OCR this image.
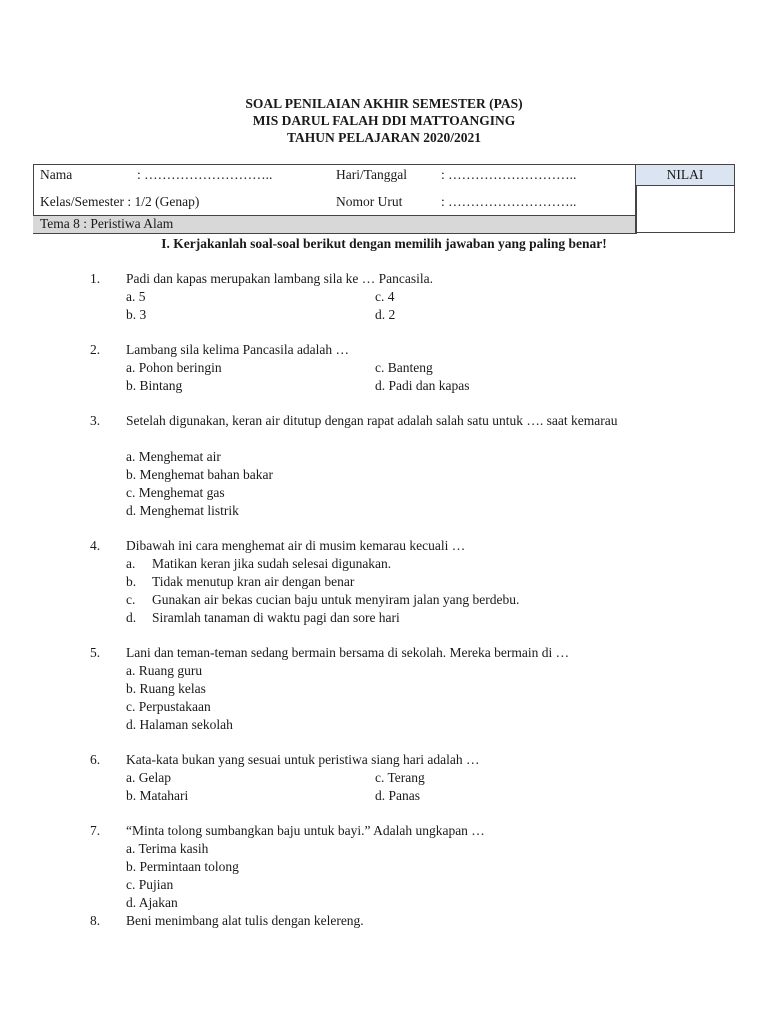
SOAL PENILAIAN AKHIR SEMESTER (PAS)
MIS DARUL FALAH DDI MATTOANGING
TAHUN PELAJARAN 2020/2021
Nama	: ………………………..	Hari/Tanggal	: ………………………..
Kelas/Semester : 1/2 (Genap)	Nomor Urut	: ………………………..
Tema 8 : Peristiwa Alam
NILAI
I. Kerjakanlah soal-soal berikut dengan memilih jawaban yang paling benar!
1. Padi dan kapas merupakan lambang sila ke … Pancasila.
a. 5
b. 3
c. 4
d. 2
2. Lambang sila kelima Pancasila adalah …
a. Pohon beringin
b. Bintang
c. Banteng
d. Padi dan kapas
3. Setelah digunakan, keran air ditutup dengan rapat adalah salah satu untuk …. saat kemarau
a. Menghemat air
b. Menghemat bahan bakar
c. Menghemat gas
d. Menghemat listrik
4. Dibawah ini cara menghemat air di musim kemarau kecuali …
a. Matikan keran jika sudah selesai digunakan.
b. Tidak menutup kran air dengan benar
c. Gunakan air bekas cucian baju untuk menyiram jalan yang berdebu.
d. Siramlah tanaman di waktu pagi dan sore hari
5. Lani dan teman-teman sedang bermain bersama di sekolah. Mereka bermain di …
a. Ruang guru
b. Ruang kelas
c. Perpustakaan
d. Halaman sekolah
6. Kata-kata bukan yang sesuai untuk peristiwa siang hari adalah …
a. Gelap
b. Matahari
c. Terang
d. Panas
7. “Minta tolong sumbangkan baju untuk bayi.” Adalah ungkapan …
a. Terima kasih
b. Permintaan tolong
c. Pujian
d. Ajakan
8. Beni menimbang alat tulis dengan kelereng.
